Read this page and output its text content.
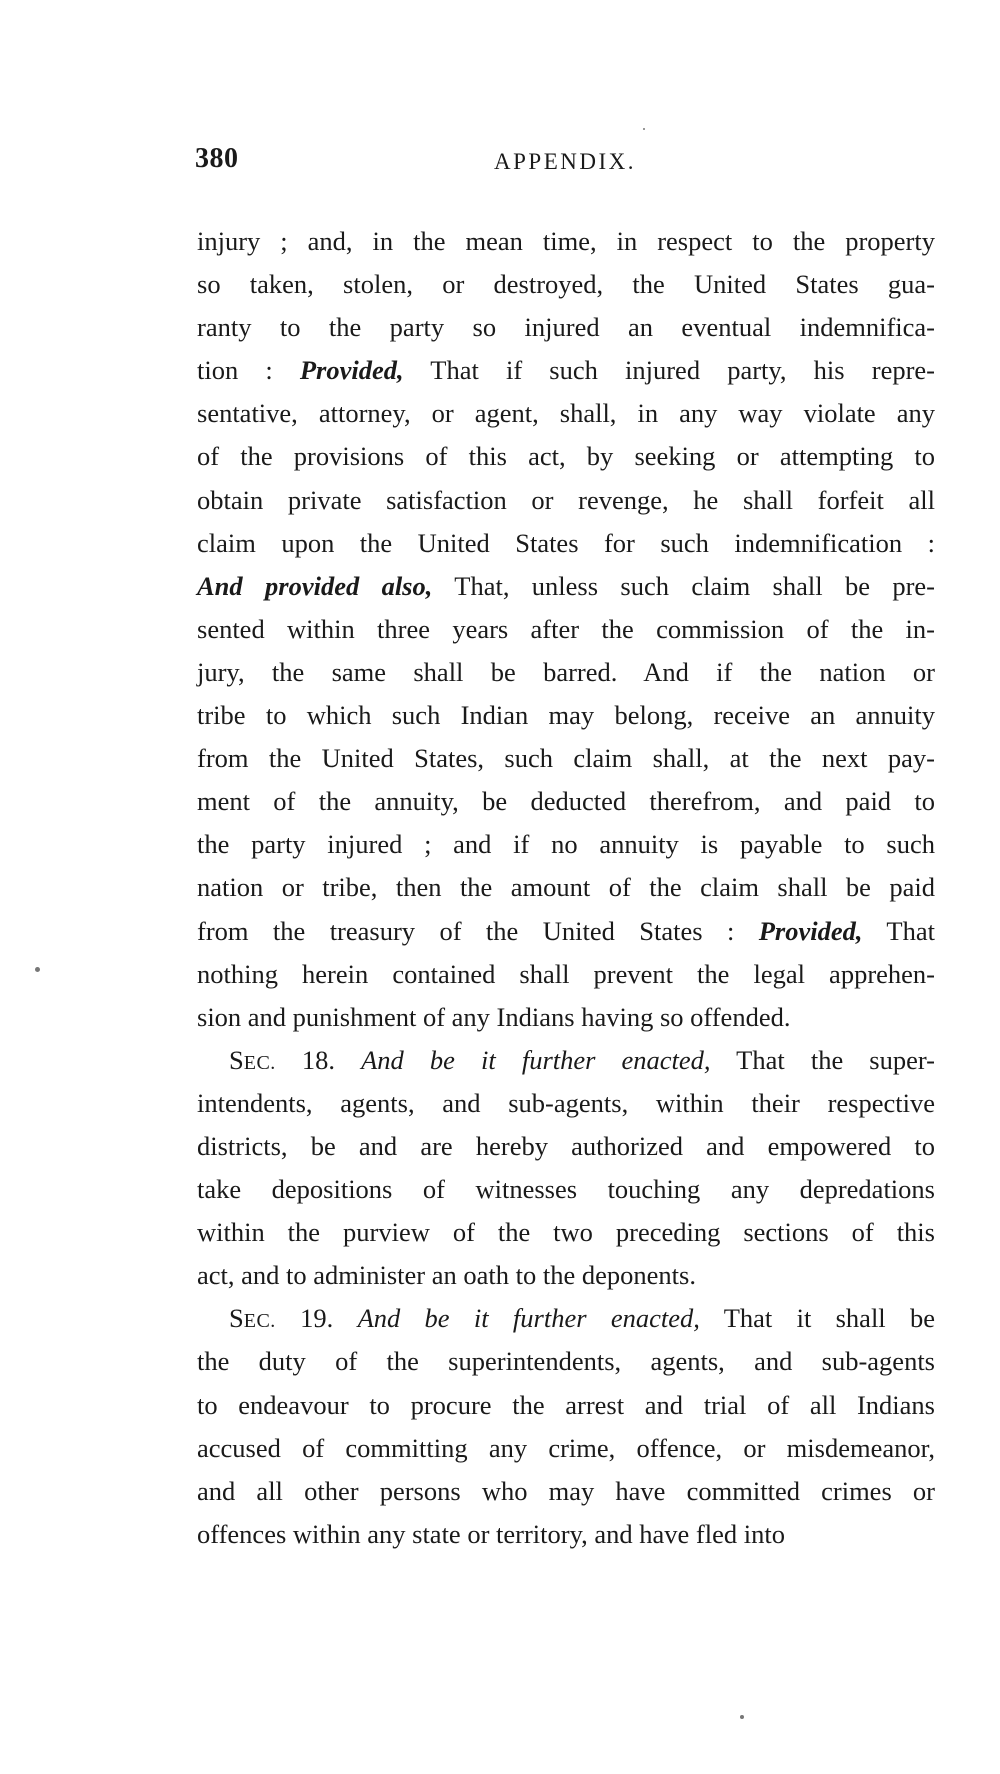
380	APPENDIX.
injury ; and, in the mean time, in respect to the property
so taken, stolen, or destroyed, the United States gua-
ranty to the party so injured an eventual indemnifica-
tion : Provided, That if such injured party, his repre-
sentative, attorney, or agent, shall, in any way violate any
of the provisions of this act, by seeking or attempting to
obtain private satisfaction or revenge, he shall forfeit all
claim upon the United States for such indemnification :
And provided also, That, unless such claim shall be pre-
sented within three years after the commission of the in-
jury, the same shall be barred. And if the nation or
tribe to which such Indian may belong, receive an annuity
from the United States, such claim shall, at the next pay-
ment of the annuity, be deducted therefrom, and paid to
the party injured ; and if no annuity is payable to such
nation or tribe, then the amount of the claim shall be paid
from the treasury of the United States : Provided, That
nothing herein contained shall prevent the legal apprehen-
sion and punishment of any Indians having so offended.
SEC. 18. And be it further enacted, That the super-
intendents, agents, and sub-agents, within their respective
districts, be and are hereby authorized and empowered to
take depositions of witnesses touching any depredations
within the purview of the two preceding sections of this
act, and to administer an oath to the deponents.
SEC. 19. And be it further enacted, That it shall be
the duty of the superintendents, agents, and sub-agents
to endeavour to procure the arrest and trial of all Indians
accused of committing any crime, offence, or misdemeanor,
and all other persons who may have committed crimes or
offences within any state or territory, and have fled into
